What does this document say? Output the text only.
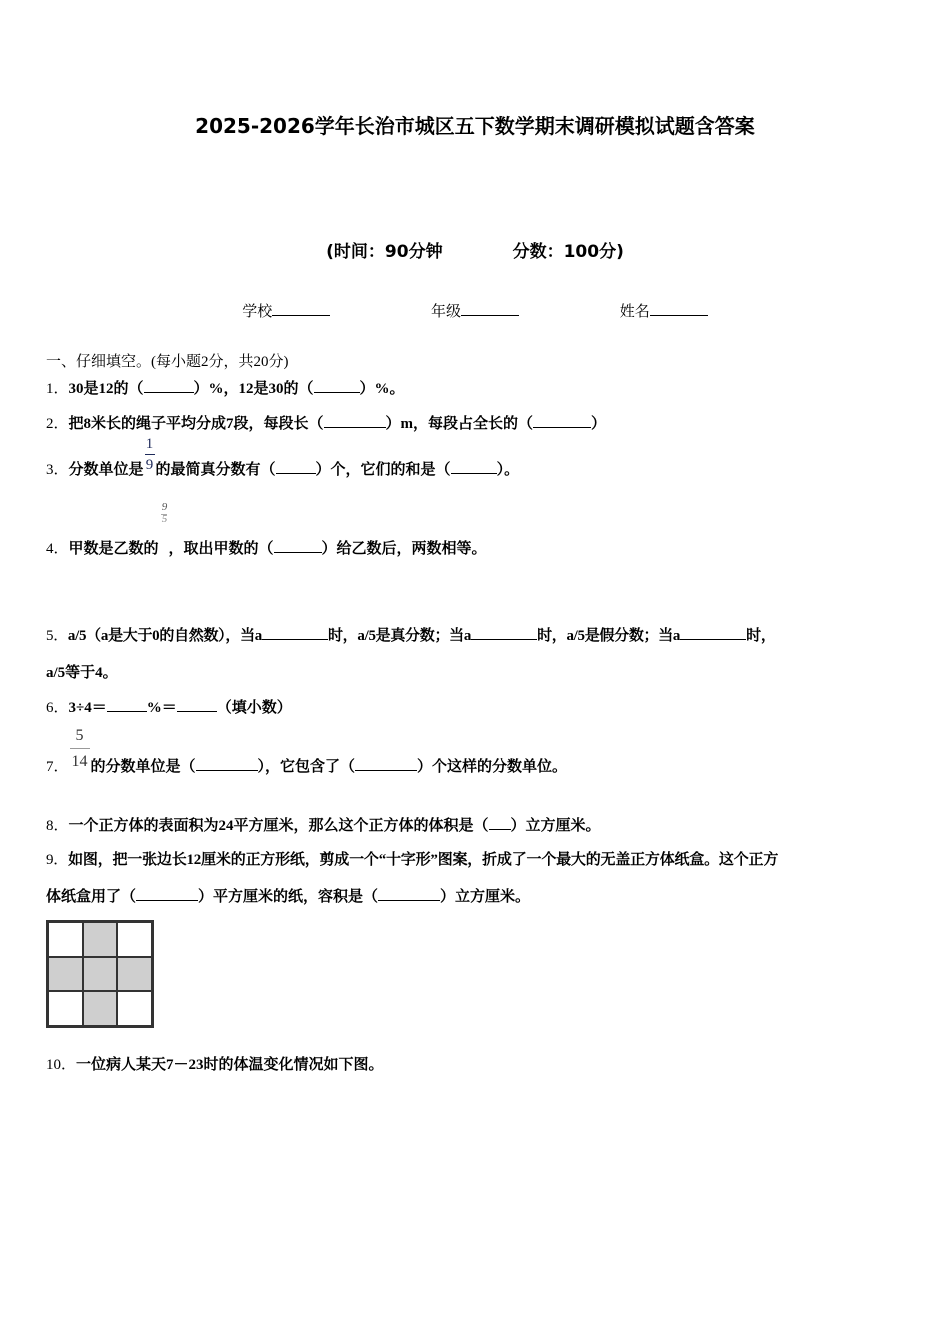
2025-2026学年长治市城区五下数学期末调研模拟试题含答案
(时间：90分钟	分数：100分)
学校	年级	姓名
一、仔细填空。(每小题2分，共20分)
1．30是12的（	）%，12是30的（	）%。
2．把8米长的绳子平均分成7段，每段长（	）m，每段占全长的（	）
3．分数单位是 $\frac{1}{9}$ 的最简真分数有（	）个，它们的和是（	）。
4．甲数是乙数的 $\frac{9}{5}$ ，取出甲数的（	）给乙数后，两数相等。
5．a/5（a是大于0的自然数），当a	时，a/5是真分数；当a	时，a/5是假分数；当a	时，
a/5等于4。
6．3÷4＝	%＝	（填小数）
7． $\frac{5}{14}$ 的分数单位是（	），它包含了（	）个这样的分数单位。
8．一个正方体的表面积为24平方厘米，那么这个正方体的体积是（ ）立方厘米。
9．如图，把一张边长12厘米的正方形纸，剪成一个“十字形”图案，折成了一个最大的无盖正方体纸盒。这个正方
体纸盒用了（	）平方厘米的纸，容积是（	）立方厘米。
10．一位病人某天7－23时的体温变化情况如下图。
